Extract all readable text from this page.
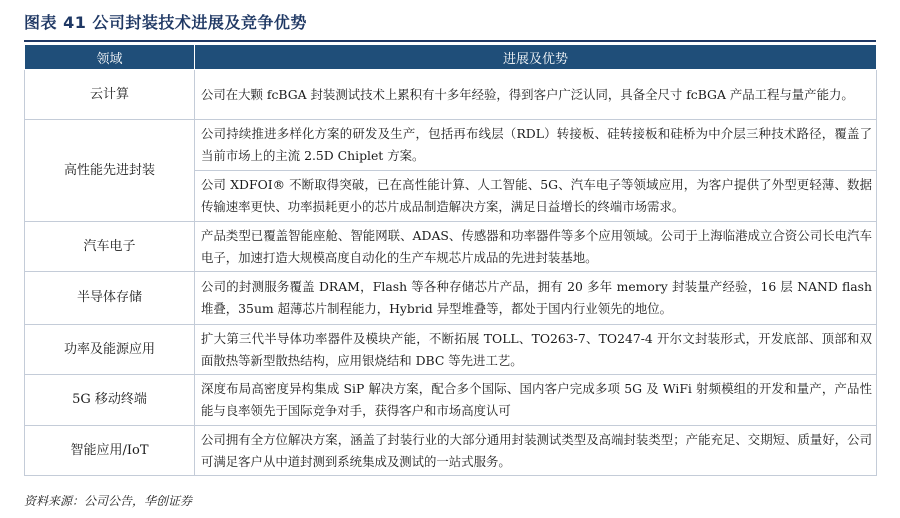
图表 41 公司封装技术进展及竞争优势
领域	进展及优势
云计算	公司在大颗 fcBGA 封装测试技术上累积有十多年经验，得到客户广泛认同，具备全尺寸 fcBGA 产品工程与量产能力。
高性能先进封装	公司持续推进多样化方案的研发及生产，包括再布线层（RDL）转接板、硅转接板和硅桥为中介层三种技术路径，覆盖了当前市场上的主流 2.5D Chiplet 方案。
	公司 XDFOI® 不断取得突破，已在高性能计算、人工智能、5G、汽车电子等领域应用，为客户提供了外型更轻薄、数据传输速率更快、功率损耗更小的芯片成品制造解决方案，满足日益增长的终端市场需求。
汽车电子	产品类型已覆盖智能座舱、智能网联、ADAS、传感器和功率器件等多个应用领域。公司于上海临港成立合资公司长电汽车电子，加速打造大规模高度自动化的生产车规芯片成品的先进封装基地。
半导体存储	公司的封测服务覆盖 DRAM，Flash 等各种存储芯片产品，拥有 20 多年 memory 封装量产经验，16 层 NAND flash 堆叠，35um 超薄芯片制程能力，Hybrid 异型堆叠等，都处于国内行业领先的地位。
功率及能源应用	扩大第三代半导体功率器件及模块产能，不断拓展 TOLL、TO263-7、TO247-4 开尔文封装形式，开发底部、顶部和双面散热等新型散热结构，应用银烧结和 DBC 等先进工艺。
5G 移动终端	深度布局高密度异构集成 SiP 解决方案，配合多个国际、国内客户完成多项 5G 及 WiFi 射频模组的开发和量产，产品性能与良率领先于国际竞争对手，获得客户和市场高度认可
智能应用/IoT	公司拥有全方位解决方案，涵盖了封装行业的大部分通用封装测试类型及高端封装类型；产能充足、交期短、质量好，公司可满足客户从中道封测到系统集成及测试的一站式服务。
资料来源：公司公告，华创证券
